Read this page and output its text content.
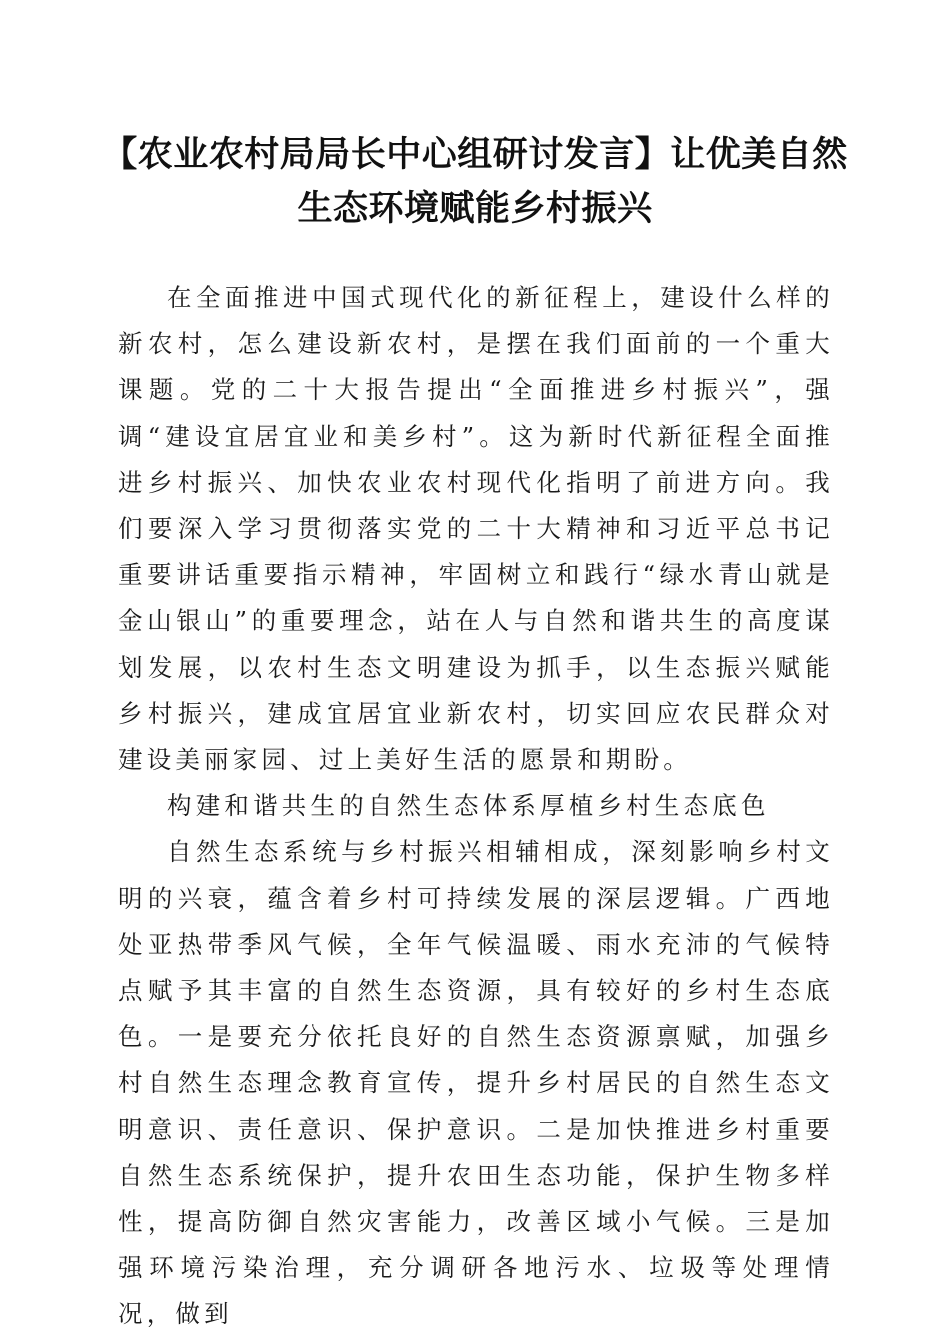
【农业农村局局长中心组研讨发言】让优美自然生态环境赋能乡村振兴

在全面推进中国式现代化的新征程上，建设什么样的新农村，怎么建设新农村，是摆在我们面前的一个重大课题。党的二十大报告提出“全面推进乡村振兴”，强调“建设宜居宜业和美乡村”。这为新时代新征程全面推进乡村振兴、加快农业农村现代化指明了前进方向。我们要深入学习贯彻落实党的二十大精神和习近平总书记重要讲话重要指示精神，牢固树立和践行“绿水青山就是金山银山”的重要理念，站在人与自然和谐共生的高度谋划发展，以农村生态文明建设为抓手，以生态振兴赋能乡村振兴，建成宜居宜业新农村，切实回应农民群众对建设美丽家园、过上美好生活的愿景和期盼。

构建和谐共生的自然生态体系厚植乡村生态底色

自然生态系统与乡村振兴相辅相成，深刻影响乡村文明的兴衰，蕴含着乡村可持续发展的深层逻辑。广西地处亚热带季风气候，全年气候温暖、雨水充沛的气候特点赋予其丰富的自然生态资源，具有较好的乡村生态底色。一是要充分依托良好的自然生态资源禀赋，加强乡村自然生态理念教育宣传，提升乡村居民的自然生态文明意识、责任意识、保护意识。二是加快推进乡村重要自然生态系统保护，提升农田生态功能，保护生物多样性，提高防御自然灾害能力，改善区域小气候。三是加强环境污染治理，充分调研各地污水、垃圾等处理情况，做到
